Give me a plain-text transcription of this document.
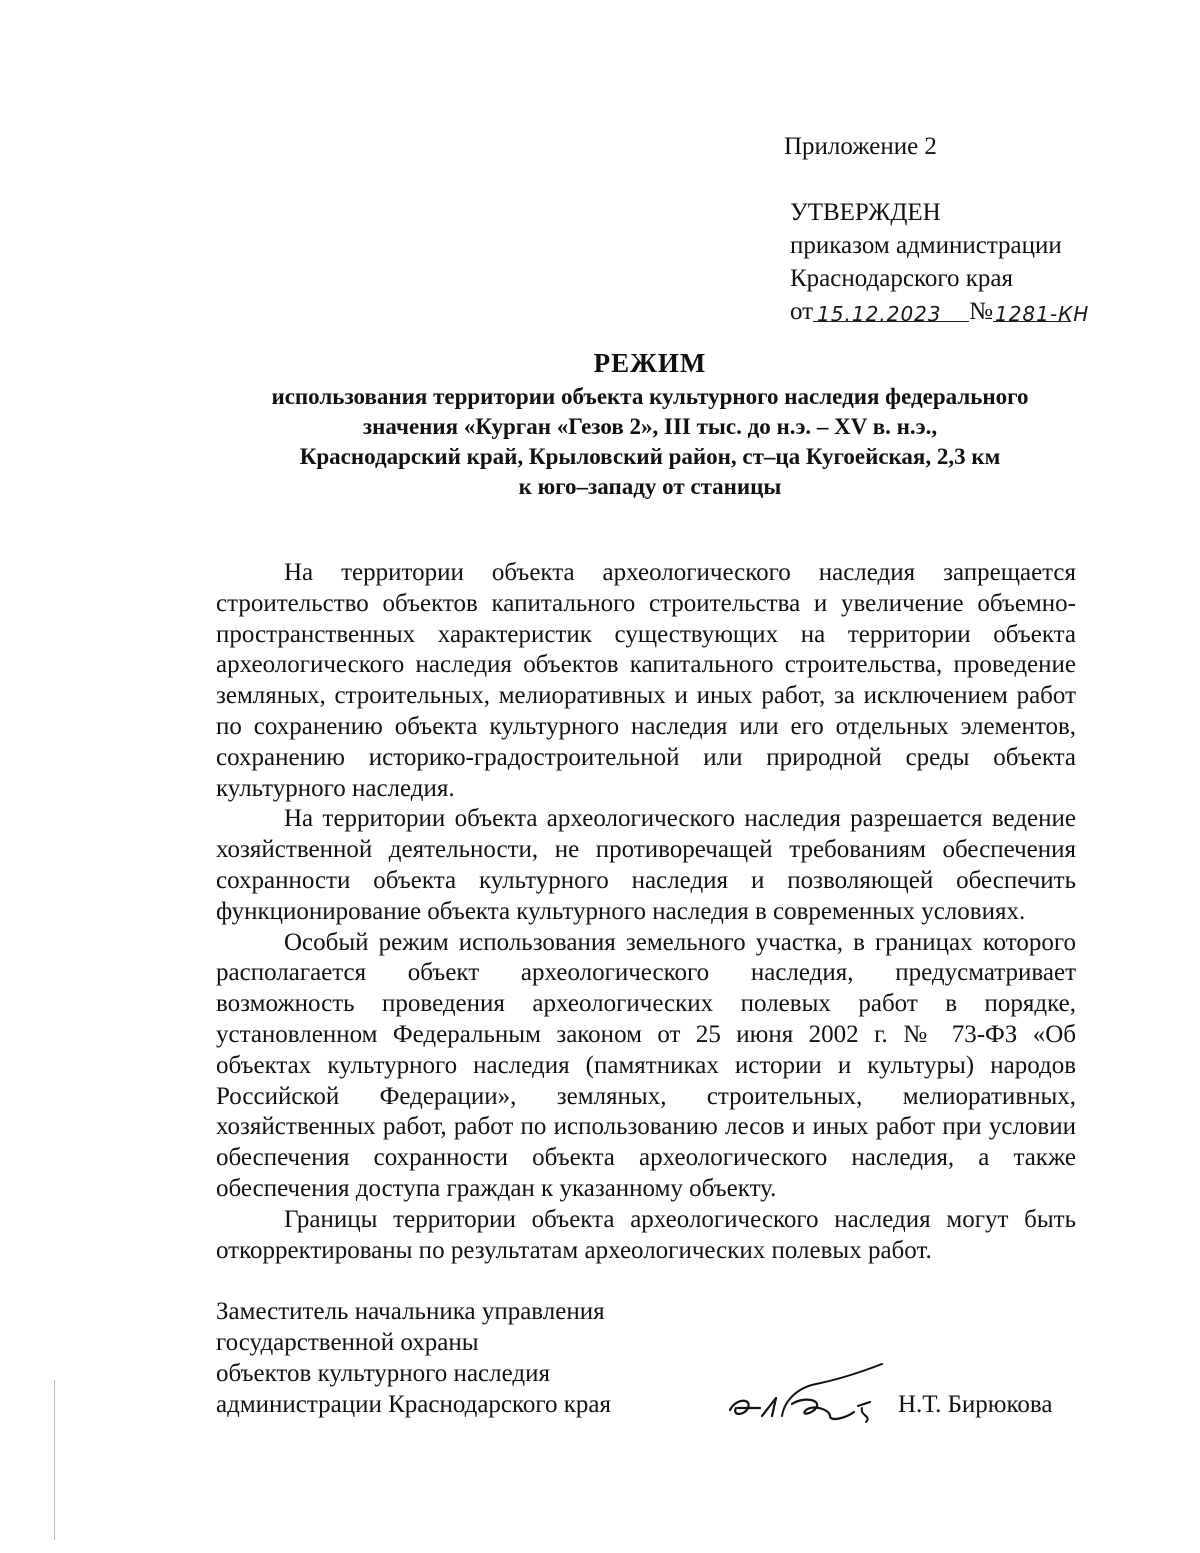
Приложение 2
УТВЕРЖДЕН
приказом администрации
Краснодарского края
от 15.12.2023 № 1281-КН
РЕЖИМ
использования территории объекта культурного наследия федерального
значения «Курган «Гезов 2», III тыс. до н.э. – XV в. н.э.,
Краснодарский край, Крыловский район, ст–ца Кугоейская, 2,3 км
к юго–западу от станицы

На территории объекта археологического наследия запрещается строительство объектов капитального строительства и увеличение объемно-пространственных характеристик существующих на территории объекта археологического наследия объектов капитального строительства, проведение земляных, строительных, мелиоративных и иных работ, за исключением работ по сохранению объекта культурного наследия или его отдельных элементов, сохранению историко-градостроительной или природной среды объекта культурного наследия.

На территории объекта археологического наследия разрешается ведение хозяйственной деятельности, не противоречащей требованиям обеспечения сохранности объекта культурного наследия и позволяющей обеспечить функционирование объекта культурного наследия в современных условиях.

Особый режим использования земельного участка, в границах которого располагается объект археологического наследия, предусматривает возможность проведения археологических полевых работ в порядке, установленном Федеральным законом от 25 июня 2002 г. № 73-ФЗ «Об объектах культурного наследия (памятниках истории и культуры) народов Российской Федерации», земляных, строительных, мелиоративных, хозяйственных работ, работ по использованию лесов и иных работ при условии обеспечения сохранности объекта археологического наследия, а также обеспечения доступа граждан к указанному объекту.

Границы территории объекта археологического наследия могут быть откорректированы по результатам археологических полевых работ.

Заместитель начальника управления
государственной охраны
объектов культурного наследия
администрации Краснодарского края	Н.Т. Бирюкова
